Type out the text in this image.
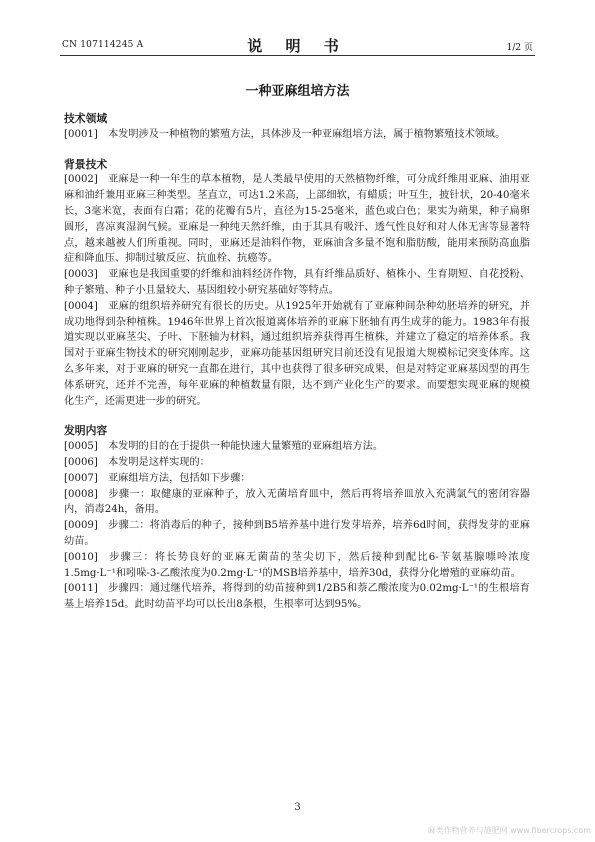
CN 107114245 A	说 明 书	1/2 页
一种亚麻组培方法

技术领域

[0001] 本发明涉及一种植物的繁殖方法，具体涉及一种亚麻组培方法，属于植物繁殖技术领域。

背景技术

[0002] 亚麻是一种一年生的草本植物，是人类最早使用的天然植物纤维，可分成纤维用亚麻、油用亚麻和油纤兼用亚麻三种类型。茎直立，可达1.2米高，上部细软，有蜡质；叶互生，披针状，20-40毫米长，3毫米宽，表面有白霜；花的花瓣有5片，直径为15-25毫米，蓝色或白色；果实为蒴果，种子扁卵圆形，喜凉爽湿润气候。亚麻是一种纯天然纤维，由于其具有吸汗、透气性良好和对人体无害等显著特点，越来越被人们所重视。同时，亚麻还是油料作物，亚麻油含多量不饱和脂肪酸，能用来预防高血脂症和降血压、抑制过敏反应、抗血栓、抗癌等。

[0003] 亚麻也是我国重要的纤维和油料经济作物，具有纤维品质好、植株小、生育期短、自花授粉、种子繁殖、种子小且量较大、基因组较小研究基础好等特点。

[0004] 亚麻的组织培养研究有很长的历史。从1925年开始就有了亚麻种间杂种幼胚培养的研究，并成功地得到杂种植株。1946年世界上首次报道离体培养的亚麻下胚轴有再生成芽的能力。1983年有报道实现以亚麻茎尖、子叶、下胚轴为材料，通过组织培养获得再生植株，并建立了稳定的培养体系。我国对于亚麻生物技术的研究刚刚起步，亚麻功能基因组研究目前还没有见报道大规模标记突变体库。这么多年来，对于亚麻的研究一直都在进行，其中也获得了很多研究成果，但是对特定亚麻基因型的再生体系研究，还并不完善，每年亚麻的种植数量有限，达不到产业化生产的要求。而要想实现亚麻的规模化生产，还需更进一步的研究。

发明内容

[0005] 本发明的目的在于提供一种能快速大量繁殖的亚麻组培方法。

[0006] 本发明是这样实现的：

[0007] 亚麻组培方法，包括如下步骤：

[0008] 步骤一：取健康的亚麻种子，放入无菌培育皿中，然后再将培养皿放入充满氯气的密闭容器内，消毒24h，备用。

[0009] 步骤二：将消毒后的种子，接种到B5培养基中进行发芽培养，培养6d时间，获得发芽的亚麻幼苗。

[0010] 步骤三：将长势良好的亚麻无菌苗的茎尖切下，然后接种到配比6-苄氨基腺嘌呤浓度1.5mg·L⁻¹和吲哚-3-乙酸浓度为0.2mg·L⁻¹的MSB培养基中，培养30d，获得分化增殖的亚麻幼苗。

[0011] 步骤四：通过继代培养，将得到的幼苗接种到1/2B5和萘乙酸浓度为0.02mg·L⁻¹的生根培育基上培养15d。此时幼苗平均可以长出8条根，生根率可达到95%。

3
麻类作物营养与施肥网 www.fibercrops.com
